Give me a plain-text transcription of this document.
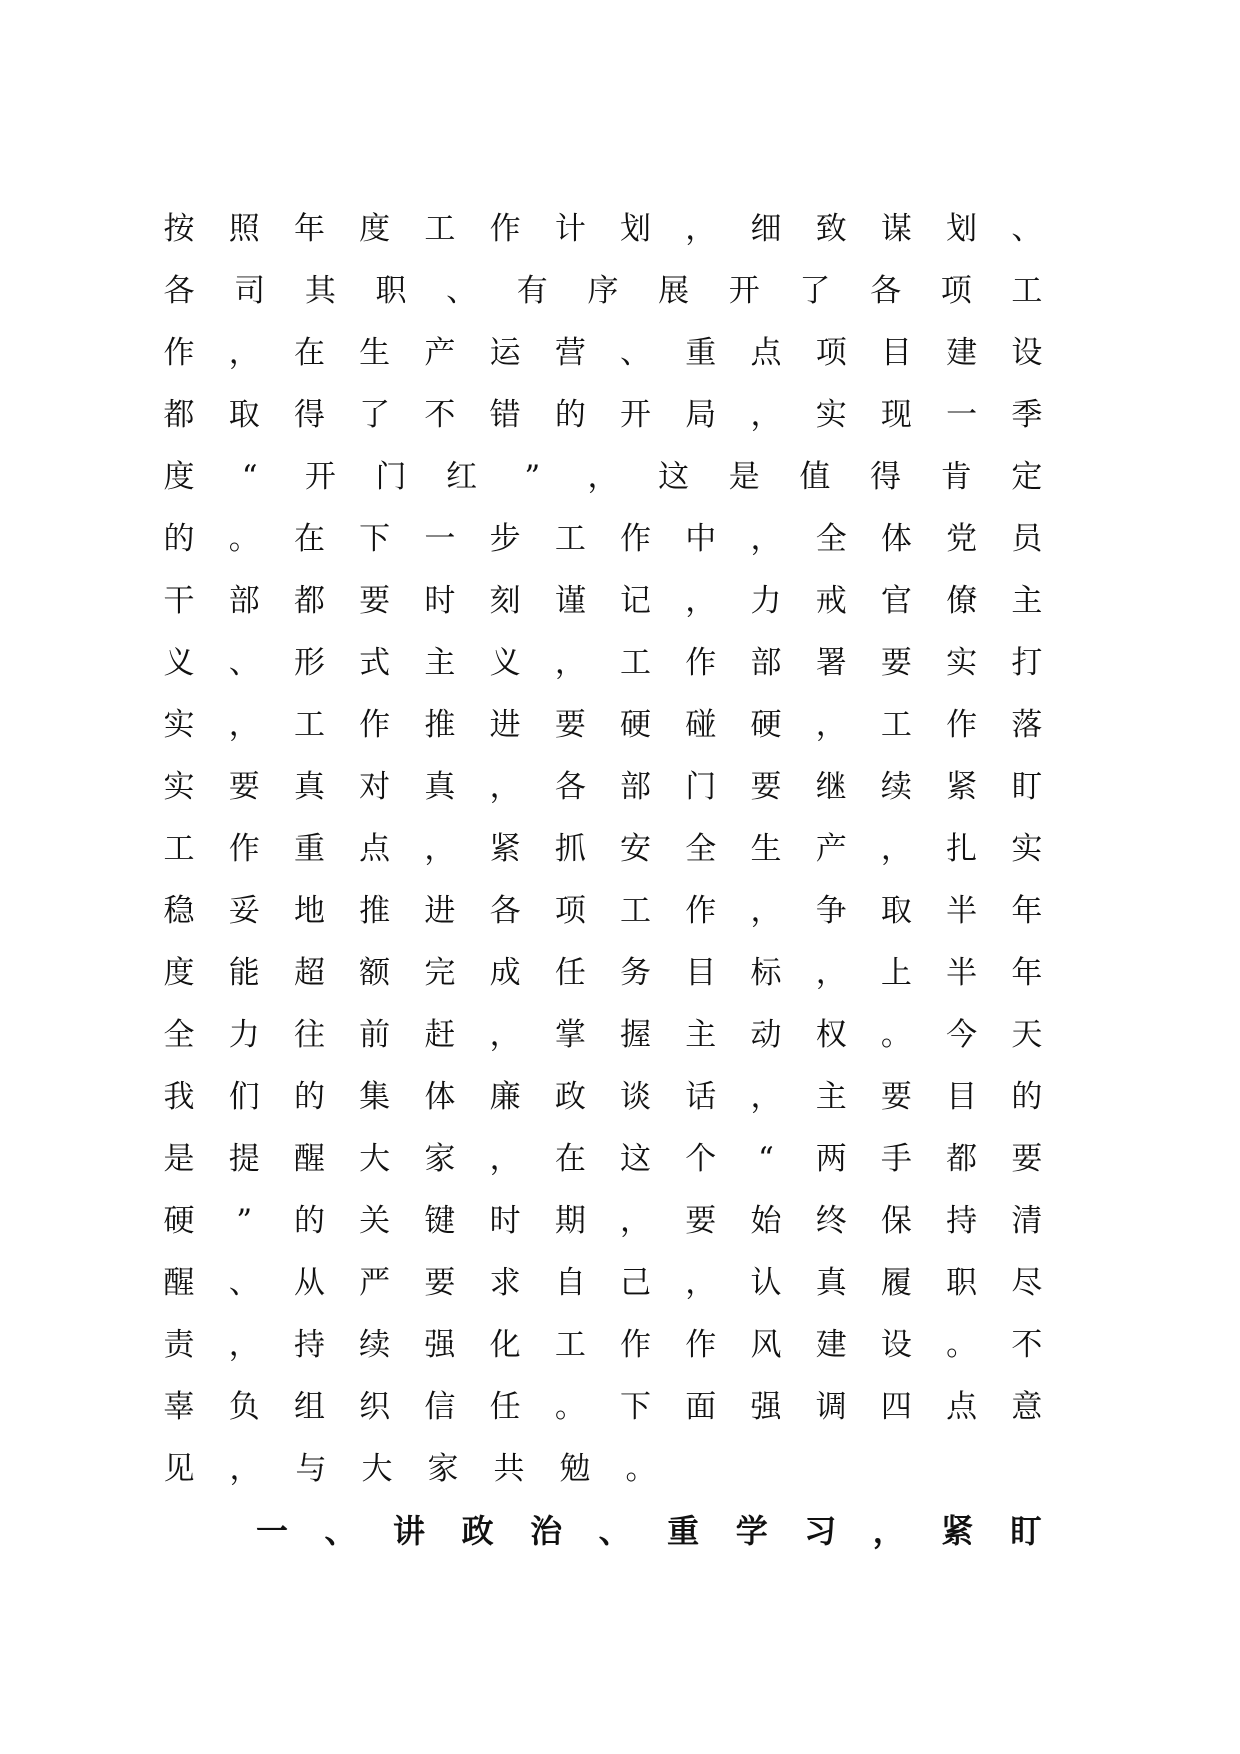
按 照 年 度 工 作 计 划 ， 细 致 谋 划 、
各 司 其 职 、 有 序 展 开 了 各 项 工
作 ， 在 生 产 运 营 、 重 点 项 目 建 设
都 取 得 了 不 错 的 开 局 ， 实 现 一 季
度 “ 开 门 红 ” ， 这 是 值 得 肯 定
的 。 在 下 一 步 工 作 中 ， 全 体 党 员
干 部 都 要 时 刻 谨 记 ， 力 戒 官 僚 主
义 、 形 式 主 义 ， 工 作 部 署 要 实 打
实 ， 工 作 推 进 要 硬 碰 硬 ， 工 作 落
实 要 真 对 真 ， 各 部 门 要 继 续 紧 盯
工 作 重 点 ， 紧 抓 安 全 生 产 ， 扎 实
稳 妥 地 推 进 各 项 工 作 ， 争 取 半 年
度 能 超 额 完 成 任 务 目 标 ， 上 半 年
全 力 往 前 赶 ， 掌 握 主 动 权 。 今 天
我 们 的 集 体 廉 政 谈 话 ， 主 要 目 的
是 提 醒 大 家 ， 在 这 个 “ 两 手 都 要
硬 ” 的 关 键 时 期 ， 要 始 终 保 持 清
醒 、 从 严 要 求 自 己 ， 认 真 履 职 尽
责 ， 持 续 强 化 工 作 作 风 建 设 。 不
辜 负 组 织 信 任 。 下 面 强 调 四 点 意
见 ， 与 大 家 共 勉 。
一 、 讲 政 治 、 重 学 习 ， 紧 盯
